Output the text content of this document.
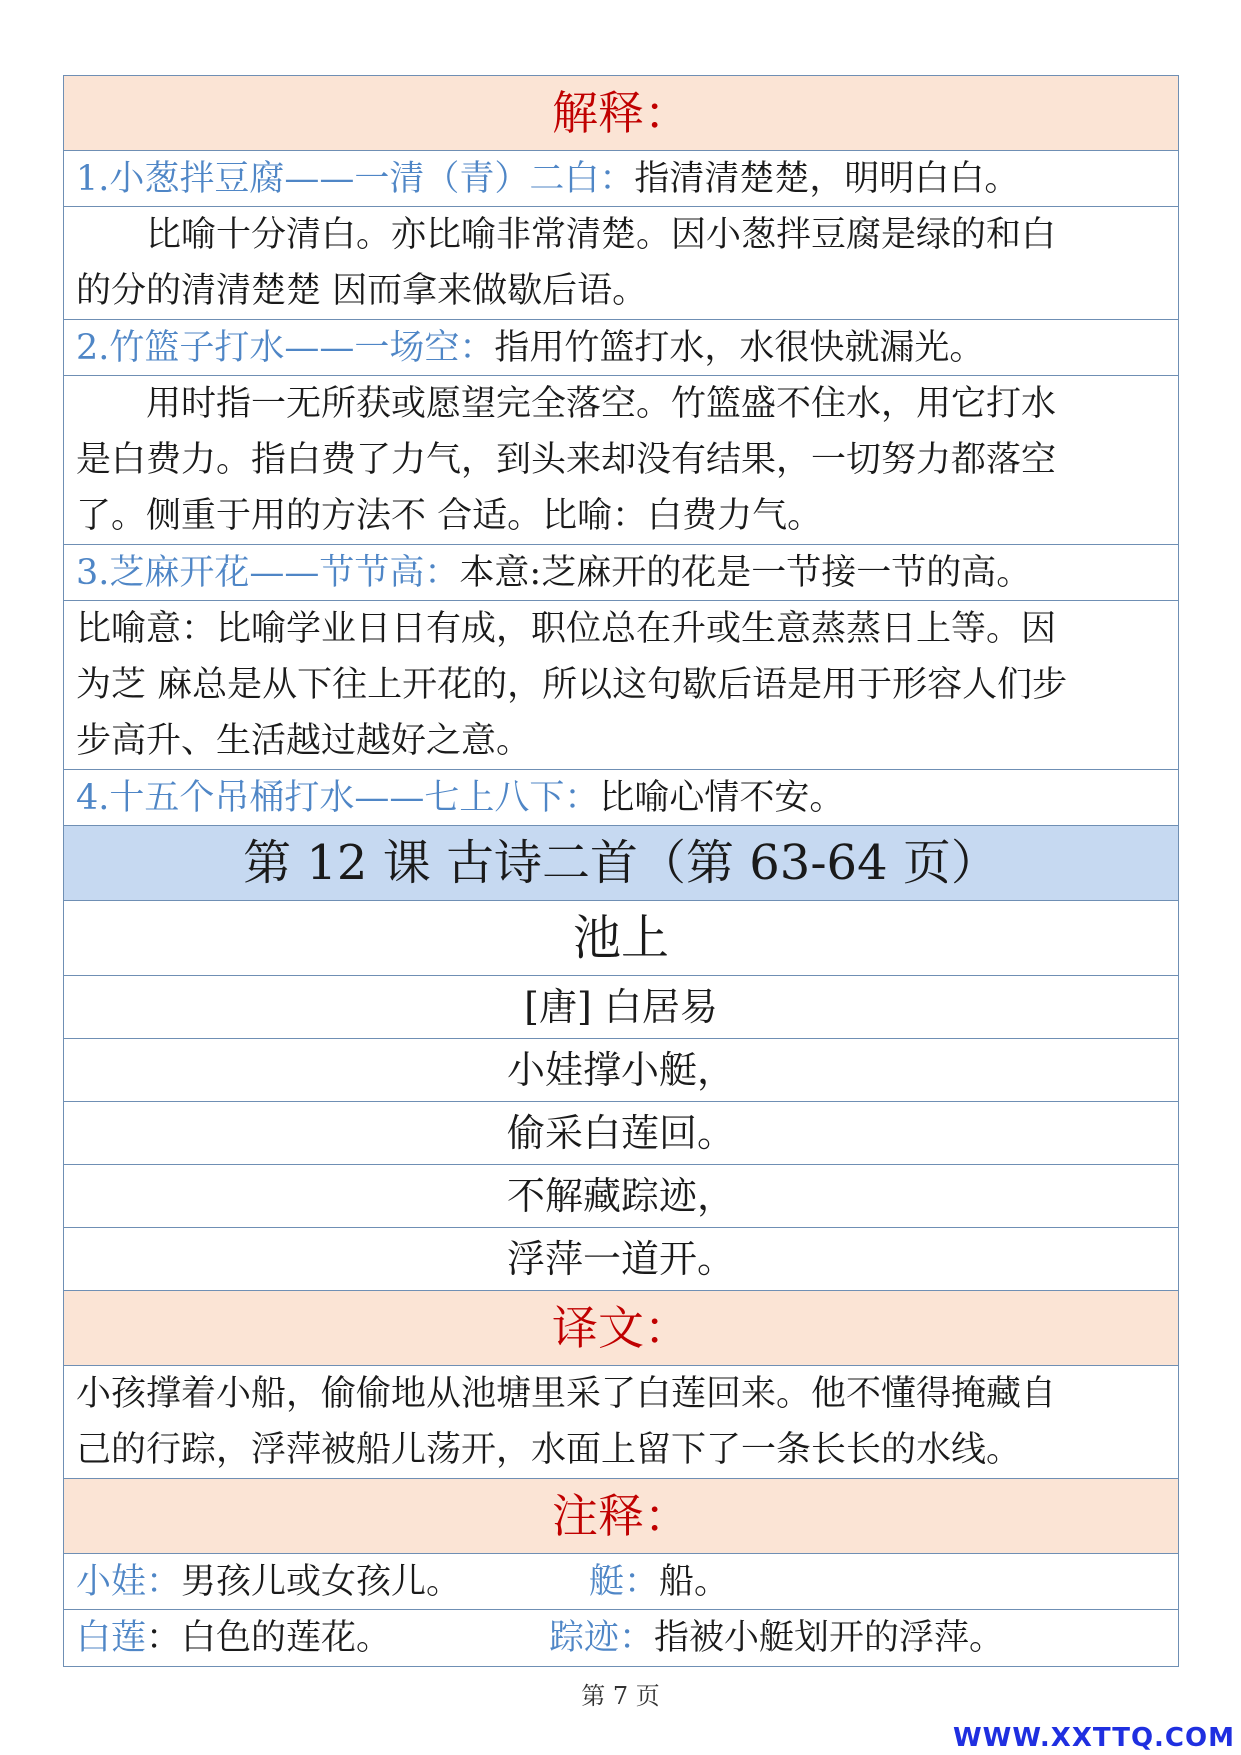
解释：
1.小葱拌豆腐——一清（青）二白：指清清楚楚，明明白白。
比喻十分清白。亦比喻非常清楚。因小葱拌豆腐是绿的和白
的分的清清楚楚 因而拿来做歇后语。
2.竹篮子打水——一场空：指用竹篮打水，水很快就漏光。
用时指一无所获或愿望完全落空。竹篮盛不住水，用它打水
是白费力。指白费了力气，到头来却没有结果，一切努力都落空
了。侧重于用的方法不 合适。比喻：白费力气。
3.芝麻开花——节节高：本意:芝麻开的花是一节接一节的高。
比喻意：比喻学业日日有成，职位总在升或生意蒸蒸日上等。因
为芝 麻总是从下往上开花的，所以这句歇后语是用于形容人们步
步高升、生活越过越好之意。
4.十五个吊桶打水——七上八下：比喻心情不安。
第 12 课 古诗二首（第 63-64 页）
池上
[唐] 白居易
小娃撑小艇，
偷采白莲回。
不解藏踪迹，
浮萍一道开。
译文：
小孩撑着小船，偷偷地从池塘里采了白莲回来。他不懂得掩藏自
己的行踪，浮萍被船儿荡开，水面上留下了一条长长的水线。
注释：
小娃：男孩儿或女孩儿。	艇：船。
白莲：白色的莲花。	踪迹：指被小艇划开的浮萍。
第 7 页
WWW.XXTTQ.COM
